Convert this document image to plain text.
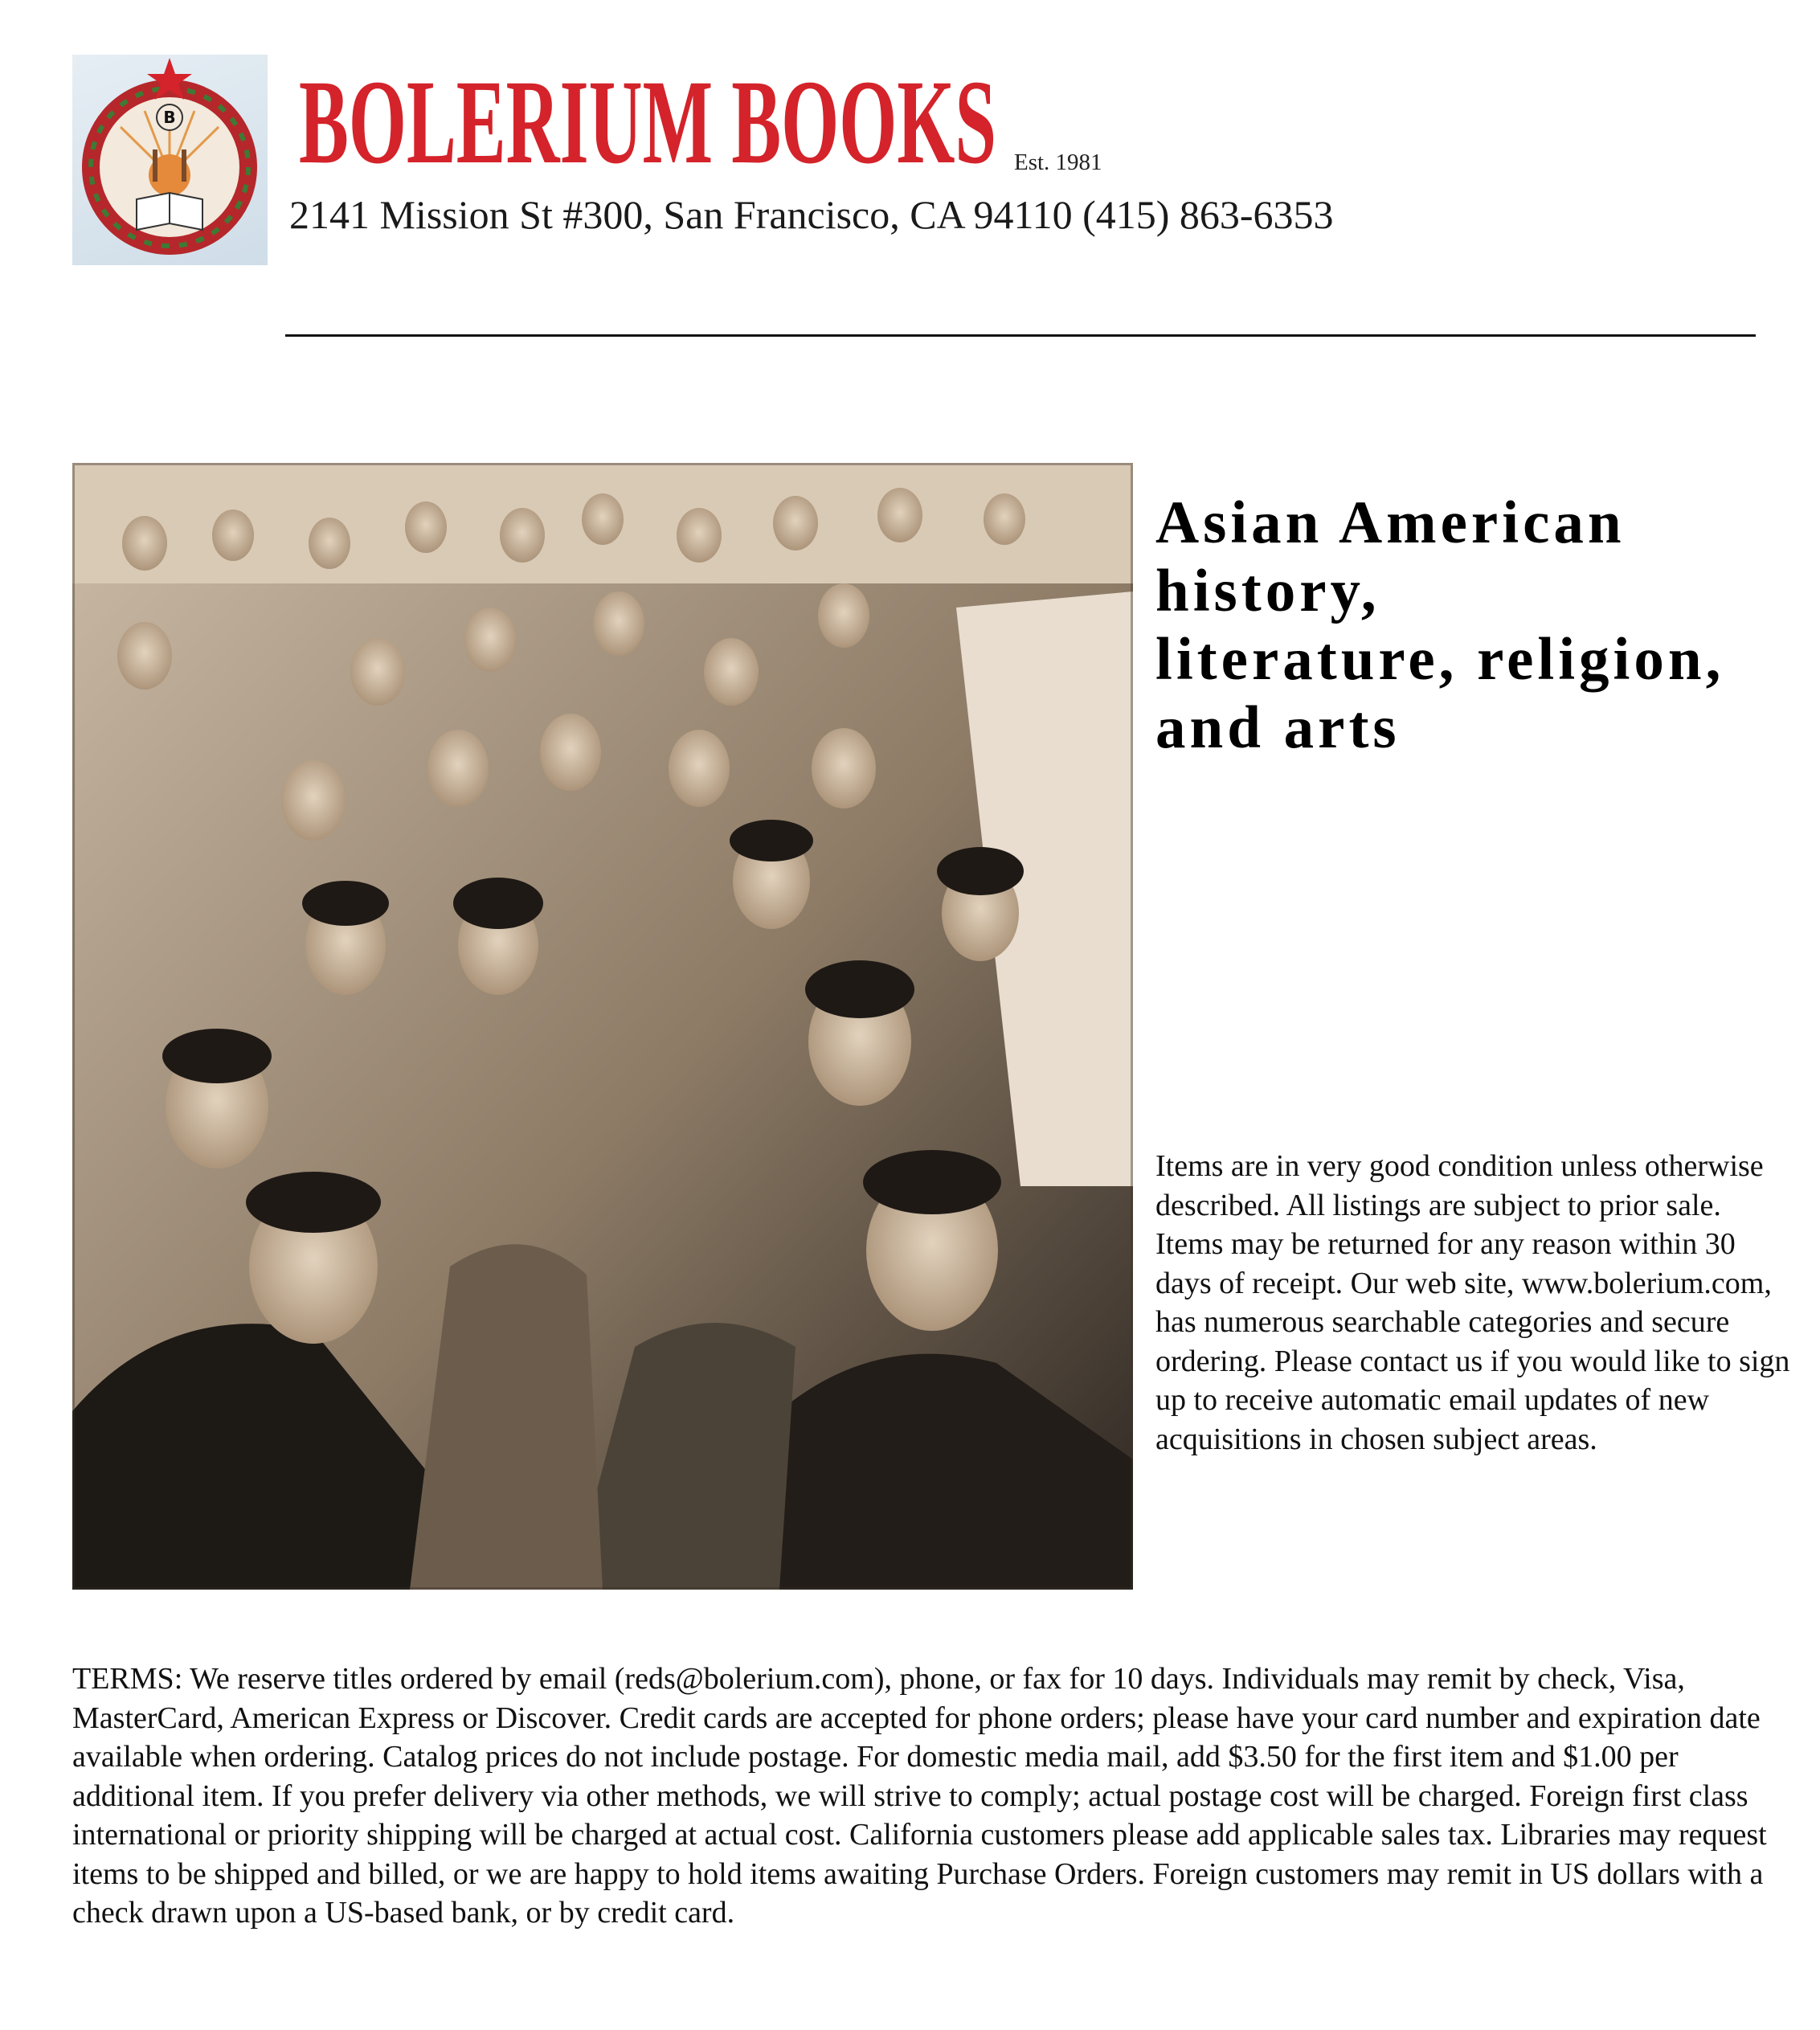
B BOLERIUM BOOKS Est. 1981
2141 Mission St #300, San Francisco, CA 94110 (415) 863-6353
Asian American
history,
literature, religion,
and arts

Items are in very good condition unless otherwise described. All listings are subject to prior sale. Items may be returned for any reason within 30 days of receipt. Our web site, www.bolerium.com, has numerous searchable categories and secure ordering. Please contact us if you would like to sign up to receive automatic email updates of new acquisitions in chosen subject areas.

TERMS: We reserve titles ordered by email (reds@bolerium.com), phone, or fax for 10 days. Individuals may remit by check, Visa, MasterCard, American Express or Discover. Credit cards are accepted for phone orders; please have your card number and expiration date available when ordering. Catalog prices do not include postage. For domestic media mail, add $3.50 for the first item and $1.00 per additional item. If you prefer delivery via other methods, we will strive to comply; actual postage cost will be charged. Foreign first class international or priority shipping will be charged at actual cost. California customers please add applicable sales tax. Libraries may request items to be shipped and billed, or we are happy to hold items awaiting Purchase Orders. Foreign customers may remit in US dollars with a check drawn upon a US-based bank, or by credit card.
